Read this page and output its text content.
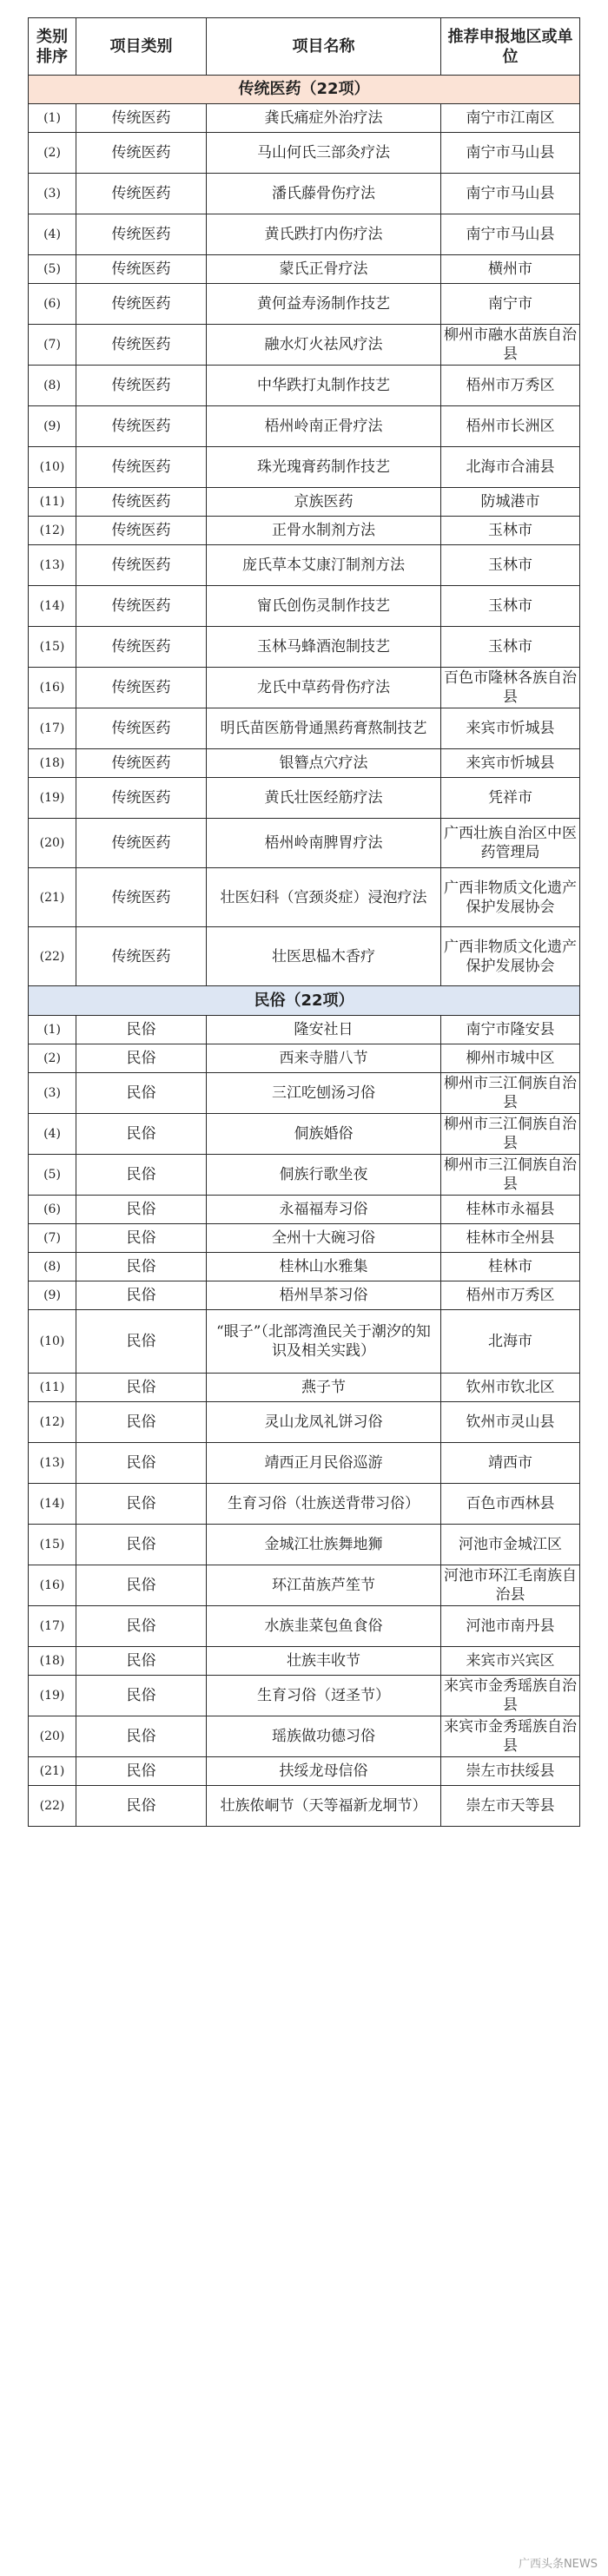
类别排序	项目类别	项目名称	推荐申报地区或单位
传统医药（22项）			
(1)	传统医药	龚氏痛症外治疗法	南宁市江南区
(2)	传统医药	马山何氏三部灸疗法	南宁市马山县
(3)	传统医药	潘氏藤骨伤疗法	南宁市马山县
(4)	传统医药	黄氏跌打内伤疗法	南宁市马山县
(5)	传统医药	蒙氏正骨疗法	横州市
(6)	传统医药	黄何益寿汤制作技艺	南宁市
(7)	传统医药	融水灯火祛风疗法	柳州市融水苗族自治县
(8)	传统医药	中华跌打丸制作技艺	梧州市万秀区
(9)	传统医药	梧州岭南正骨疗法	梧州市长洲区
(10)	传统医药	珠光瑰膏药制作技艺	北海市合浦县
(11)	传统医药	京族医药	防城港市
(12)	传统医药	正骨水制剂方法	玉林市
(13)	传统医药	庞氏草本艾康汀制剂方法	玉林市
(14)	传统医药	甯氏创伤灵制作技艺	玉林市
(15)	传统医药	玉林马蜂酒泡制技艺	玉林市
(16)	传统医药	龙氏中草药骨伤疗法	百色市隆林各族自治县
(17)	传统医药	明氏苗医筋骨通黑药膏熬制技艺	来宾市忻城县
(18)	传统医药	银簪点穴疗法	来宾市忻城县
(19)	传统医药	黄氏壮医经筋疗法	凭祥市
(20)	传统医药	梧州岭南脾胃疗法	广西壮族自治区中医药管理局
(21)	传统医药	壮医妇科（宫颈炎症）浸泡疗法	广西非物质文化遗产保护发展协会
(22)	传统医药	壮医思榀木香疗	广西非物质文化遗产保护发展协会
民俗（22项）			
(1)	民俗	隆安社日	南宁市隆安县
(2)	民俗	西来寺腊八节	柳州市城中区
(3)	民俗	三江吃刨汤习俗	柳州市三江侗族自治县
(4)	民俗	侗族婚俗	柳州市三江侗族自治县
(5)	民俗	侗族行歌坐夜	柳州市三江侗族自治县
(6)	民俗	永福福寿习俗	桂林市永福县
(7)	民俗	全州十大碗习俗	桂林市全州县
(8)	民俗	桂林山水雅集	桂林市
(9)	民俗	梧州旱茶习俗	梧州市万秀区
(10)	民俗	“眼子”（北部湾渔民关于潮汐的知识及相关实践）	北海市
(11)	民俗	燕子节	钦州市钦北区
(12)	民俗	灵山龙凤礼饼习俗	钦州市灵山县
(13)	民俗	靖西正月民俗巡游	靖西市
(14)	民俗	生育习俗（壮族送背带习俗）	百色市西林县
(15)	民俗	金城江壮族舞地狮	河池市金城江区
(16)	民俗	环江苗族芦笙节	河池市环江毛南族自治县
(17)	民俗	水族韭菜包鱼食俗	河池市南丹县
(18)	民俗	壮族丰收节	来宾市兴宾区
(19)	民俗	生育习俗（迓圣节）	来宾市金秀瑶族自治县
(20)	民俗	瑶族做功德习俗	来宾市金秀瑶族自治县
(21)	民俗	扶绥龙母信俗	崇左市扶绥县
(22)	民俗	壮族侬峒节（天等福新龙垌节）	崇左市天等县
广西头条NEWS
